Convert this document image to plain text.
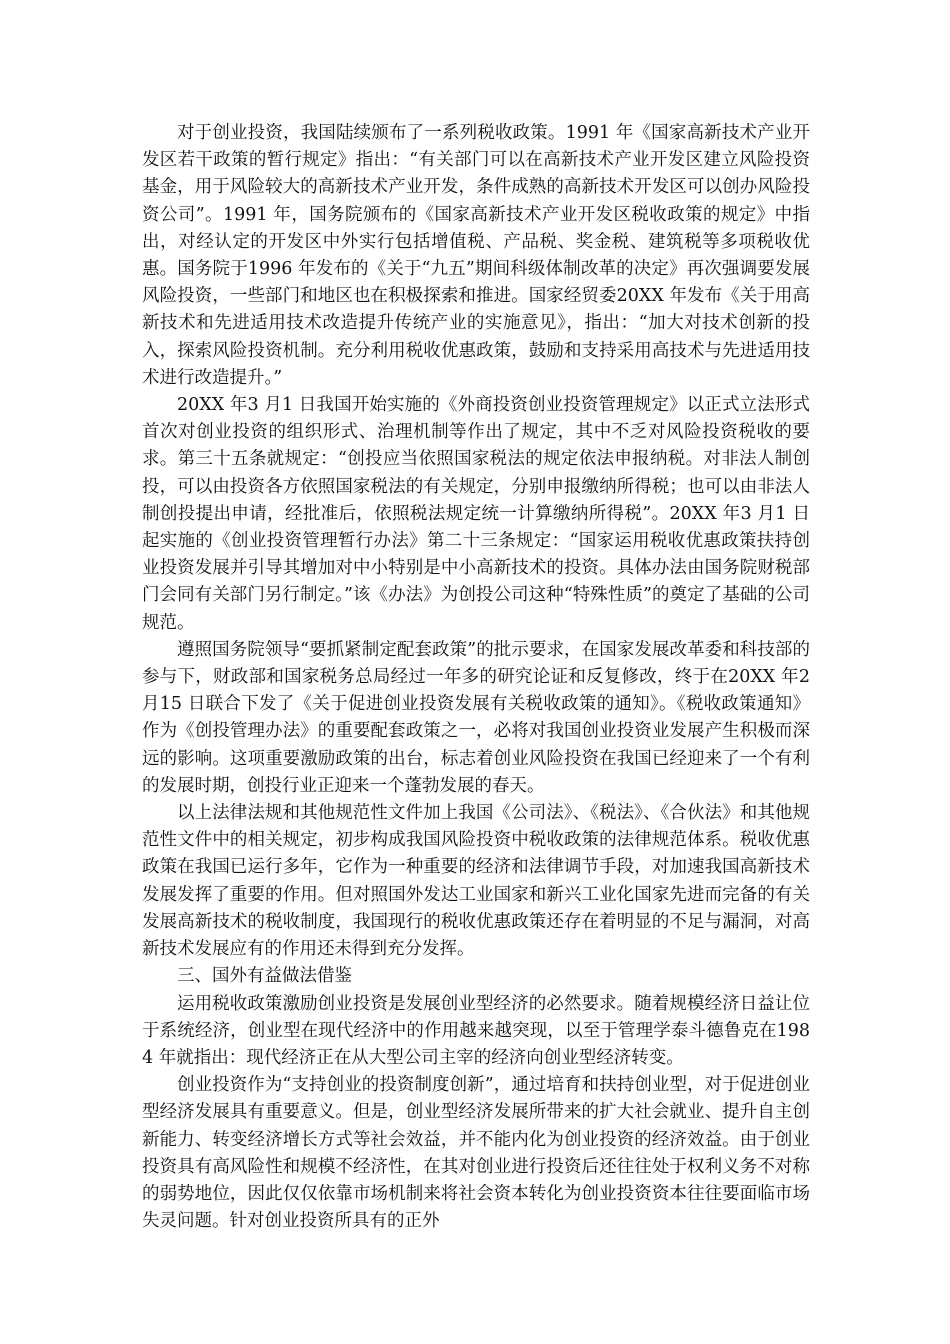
对于创业投资，我国陆续颁布了一系列税收政策。1991 年《国家高新技术产业开发区若干政策的暂行规定》指出：“有关部门可以在高新技术产业开发区建立风险投资基金，用于风险较大的高新技术产业开发，条件成熟的高新技术开发区可以创办风险投资公司”。1991 年，国务院颁布的《国家高新技术产业开发区税收政策的规定》中指出，对经认定的开发区中外实行包括增值税、产品税、奖金税、建筑税等多项税收优惠。国务院于1996 年发布的《关于“九五”期间科级体制改革的决定》再次强调要发展风险投资，一些部门和地区也在积极探索和推进。国家经贸委20XX 年发布《关于用高新技术和先进适用技术改造提升传统产业的实施意见》，指出：“加大对技术创新的投入，探索风险投资机制。充分利用税收优惠政策，鼓励和支持采用高技术与先进适用技术进行改造提升。”

20XX 年3 月1 日我国开始实施的《外商投资创业投资管理规定》以正式立法形式首次对创业投资的组织形式、治理机制等作出了规定，其中不乏对风险投资税收的要求。第三十五条就规定：“创投应当依照国家税法的规定依法申报纳税。对非法人制创投，可以由投资各方依照国家税法的有关规定，分别申报缴纳所得税；也可以由非法人制创投提出申请，经批准后，依照税法规定统一计算缴纳所得税”。20XX 年3 月1 日起实施的《创业投资管理暂行办法》第二十三条规定：“国家运用税收优惠政策扶持创业投资发展并引导其增加对中小特别是中小高新技术的投资。具体办法由国务院财税部门会同有关部门另行制定。”该《办法》为创投公司这种“特殊性质”的奠定了基础的公司规范。

遵照国务院领导“要抓紧制定配套政策”的批示要求，在国家发展改革委和科技部的参与下，财政部和国家税务总局经过一年多的研究论证和反复修改，终于在20XX 年2 月15 日联合下发了《关于促进创业投资发展有关税收政策的通知》。《税收政策通知》作为《创投管理办法》的重要配套政策之一，必将对我国创业投资业发展产生积极而深远的影响。这项重要激励政策的出台，标志着创业风险投资在我国已经迎来了一个有利的发展时期，创投行业正迎来一个蓬勃发展的春天。

以上法律法规和其他规范性文件加上我国《公司法》、《税法》、《合伙法》和其他规范性文件中的相关规定，初步构成我国风险投资中税收政策的法律规范体系。税收优惠政策在我国已运行多年，它作为一种重要的经济和法律调节手段，对加速我国高新技术发展发挥了重要的作用。但对照国外发达工业国家和新兴工业化国家先进而完备的有关发展高新技术的税收制度，我国现行的税收优惠政策还存在着明显的不足与漏洞，对高新技术发展应有的作用还未得到充分发挥。

三、国外有益做法借鉴

运用税收政策激励创业投资是发展创业型经济的必然要求。随着规模经济日益让位于系统经济，创业型在现代经济中的作用越来越突现，以至于管理学泰斗德鲁克在1984 年就指出：现代经济正在从大型公司主宰的经济向创业型经济转变。

创业投资作为“支持创业的投资制度创新”，通过培育和扶持创业型，对于促进创业型经济发展具有重要意义。但是，创业型经济发展所带来的扩大社会就业、提升自主创新能力、转变经济增长方式等社会效益，并不能内化为创业投资的经济效益。由于创业投资具有高风险性和规模不经济性，在其对创业进行投资后还往往处于权利义务不对称的弱势地位，因此仅仅依靠市场机制来将社会资本转化为创业投资资本往往要面临市场失灵问题。针对创业投资所具有的正外
